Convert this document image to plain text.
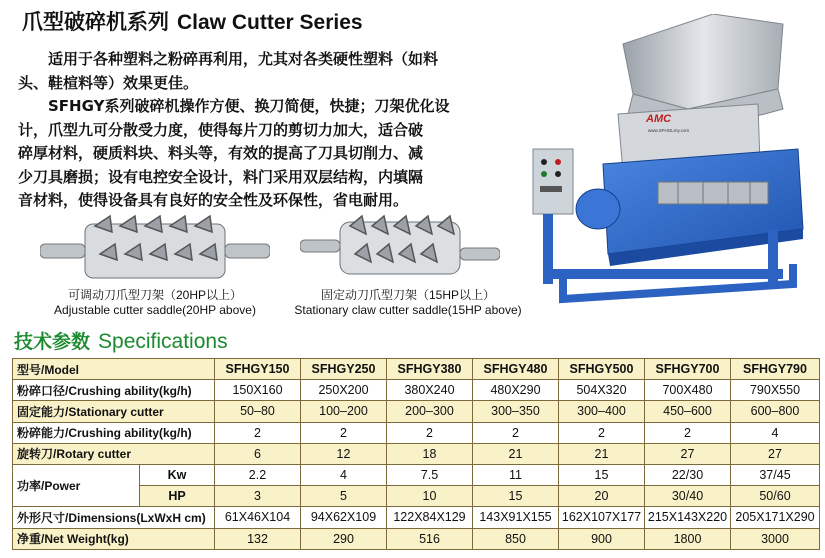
爪型破碎机系列 Claw Cutter Series

　　适用于各种塑料之粉碎再利用，尤其对各类硬性塑料（如料

头、鞋楦料等）效果更佳。

　　SFHGY系列破碎机操作方便、换刀简便，快捷；刀架优化设

计，爪型九可分散受力度，使得每片刀的剪切力加大，适合破

碎厚材料，硬质料块、料头等，有效的提高了刀具切削力、减

少刀具磨损；设有电控安全设计，料门采用双层结构，内填隔

音材料，使得设备具有良好的安全性及环保性，省电耐用。

AMC
www.SFHGLmy.com
可调动刀爪型刀架（20HP以上）
Adjustable cutter saddle(20HP above)
固定动刀爪型刀架（15HP以上）
Stationary claw cutter saddle(15HP above)
技术参数 Specifications
型号/Model		SFHGY150	SFHGY250	SFHGY380	SFHGY480	SFHGY500	SFHGY700	SFHGY790
粉碎口径/Crushing ability(kg/h)		150X160	250X200	380X240	480X290	504X320	700X480	790X550
固定能力/Stationary cutter		50–80	100–200	200–300	300–350	300–400	450–600	600–800
粉碎能力/Crushing ability(kg/h)		2	2	2	2	2	2	4
旋转刀/Rotary cutter		6	12	18	21	21	27	27
功率/Power	Kw	2.2	4	7.5	11	15	22/30	37/45
	HP	3	5	10	15	20	30/40	50/60
外形尺寸/Dimensions(LxWxH cm)		61X46X104	94X62X109	122X84X129	143X91X155	162X107X177	215X143X220	205X171X290
净重/Net Weight(kg)		132	290	516	850	900	1800	3000
